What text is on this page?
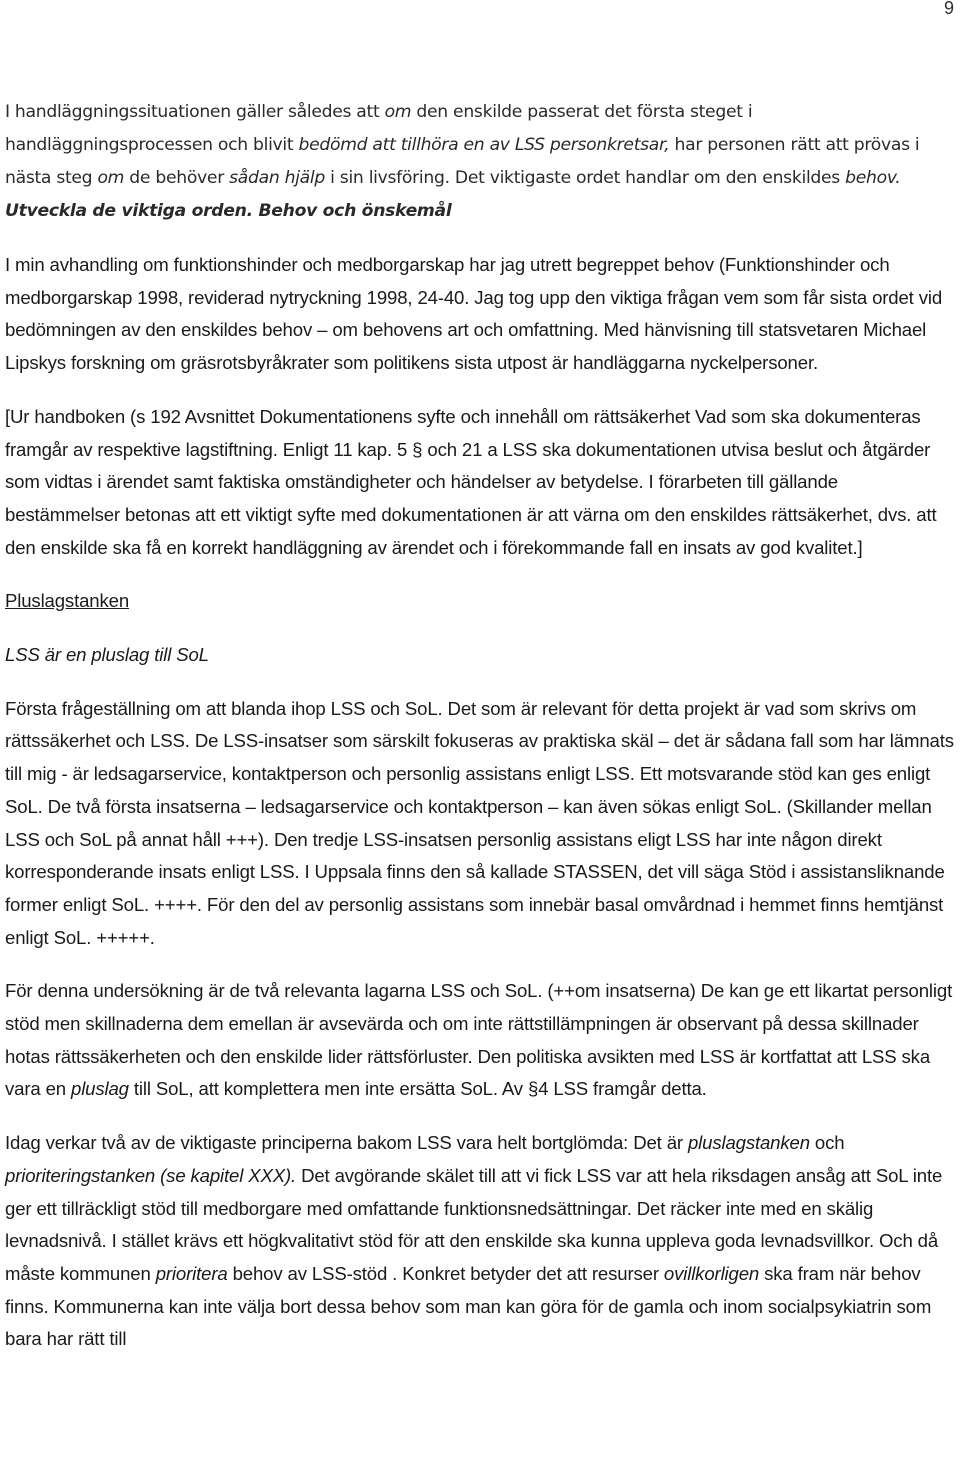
9

I handläggningssituationen gäller således att om den enskilde passerat det första steget i handläggningsprocessen och blivit bedömd att tillhöra en av LSS personkretsar, har personen rätt att prövas i nästa steg om de behöver sådan hjälp i sin livsföring. Det viktigaste ordet handlar om den enskildes behov. Utveckla de viktiga orden. Behov och önskemål

I min avhandling om funktionshinder och medborgarskap har jag utrett begreppet behov (Funktionshinder och medborgarskap 1998, reviderad nytryckning 1998, 24-40. Jag tog upp den viktiga frågan vem som får sista ordet vid bedömningen av den enskildes behov – om behovens art och omfattning. Med hänvisning till statsvetaren Michael Lipskys forskning om gräsrotsbyråkrater som politikens sista utpost är handläggarna nyckelpersoner.

[Ur handboken (s 192 Avsnittet Dokumentationens syfte och innehåll om rättsäkerhet Vad som ska dokumenteras framgår av respektive lagstiftning. Enligt 11 kap. 5 § och 21 a LSS ska dokumentationen utvisa beslut och åtgärder som vidtas i ärendet samt faktiska omständigheter och händelser av betydelse. I förarbeten till gällande bestämmelser betonas att ett viktigt syfte med dokumentationen är att värna om den enskildes rättsäkerhet, dvs. att den enskilde ska få en korrekt handläggning av ärendet och i förekommande fall en insats av god kvalitet.]

Pluslagstanken

LSS är en pluslag till SoL

Första frågeställning om att blanda ihop LSS och SoL. Det som är relevant för detta projekt är vad som skrivs om rättssäkerhet och LSS. De LSS-insatser som särskilt fokuseras av praktiska skäl – det är sådana fall som har lämnats till mig - är ledsagarservice, kontaktperson och personlig assistans enligt LSS. Ett motsvarande stöd kan ges enligt SoL. De två första insatserna – ledsagarservice och kontaktperson – kan även sökas enligt SoL. (Skillander mellan LSS och SoL på annat håll +++). Den tredje LSS-insatsen personlig assistans eligt LSS har inte någon direkt korresponderande insats enligt LSS. I Uppsala finns den så kallade STASSEN, det vill säga Stöd i assistansliknande former enligt SoL. ++++. För den del av personlig assistans som innebär basal omvårdnad i hemmet finns hemtjänst enligt SoL. +++++.

För denna undersökning är de två relevanta lagarna LSS och SoL. (++om insatserna) De kan ge ett likartat personligt stöd men skillnaderna dem emellan är avsevärda och om inte rättstillämpningen är observant på dessa skillnader hotas rättssäkerheten och den enskilde lider rättsförluster. Den politiska avsikten med LSS är kortfattat att LSS ska vara en pluslag till SoL, att komplettera men inte ersätta SoL. Av §4 LSS framgår detta.

Idag verkar två av de viktigaste principerna bakom LSS vara helt bortglömda: Det är pluslagstanken och prioriteringstanken (se kapitel XXX). Det avgörande skälet till att vi fick LSS var att hela riksdagen ansåg att SoL inte ger ett tillräckligt stöd till medborgare med omfattande funktionsnedsättningar. Det räcker inte med en skälig levnadsnivå. I stället krävs ett högkvalitativt stöd för att den enskilde ska kunna uppleva goda levnadsvillkor. Och då måste kommunen prioritera behov av LSS-stöd . Konkret betyder det att resurser ovillkorligen ska fram när behov finns. Kommunerna kan inte välja bort dessa behov som man kan göra för de gamla och inom socialpsykiatrin som bara har rätt till
